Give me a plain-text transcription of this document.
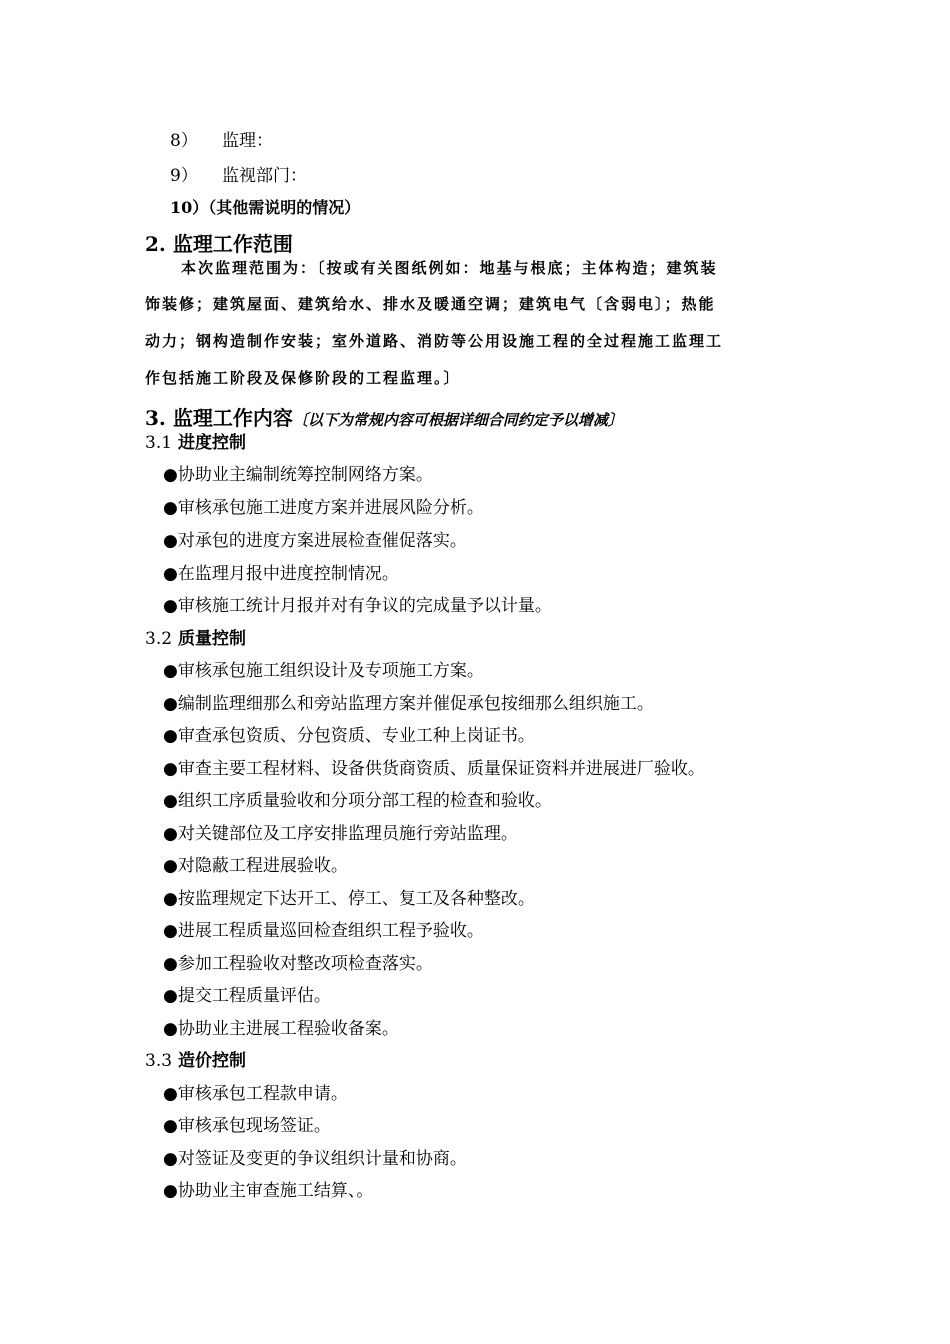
8） 监理：
9） 监视部门：
10）（其他需说明的情况）
2. 监理工作范围
本次监理范围为：〔按或有关图纸例如：地基与根底；主体构造；建筑装
饰装修；建筑屋面、建筑给水、排水及暖通空调；建筑电气〔含弱电〕；热能
动力；钢构造制作安装；室外道路、消防等公用设施工程的全过程施工监理工
作包括施工阶段及保修阶段的工程监理。〕
3. 监理工作内容〔以下为常规内容可根据详细合同约定予以增减〕
3.1 进度控制
●协助业主编制统筹控制网络方案。
●审核承包施工进度方案并进展风险分析。
●对承包的进度方案进展检查催促落实。
●在监理月报中进度控制情况。
●审核施工统计月报并对有争议的完成量予以计量。
3.2 质量控制
●审核承包施工组织设计及专项施工方案。
●编制监理细那么和旁站监理方案并催促承包按细那么组织施工。
●审查承包资质、分包资质、专业工种上岗证书。
●审查主要工程材料、设备供货商资质、质量保证资料并进展进厂验收。
●组织工序质量验收和分项分部工程的检查和验收。
●对关键部位及工序安排监理员施行旁站监理。
●对隐蔽工程进展验收。
●按监理规定下达开工、停工、复工及各种整改。
●进展工程质量巡回检查组织工程予验收。
●参加工程验收对整改项检查落实。
●提交工程质量评估。
●协助业主进展工程验收备案。
3.3 造价控制
●审核承包工程款申请。
●审核承包现场签证。
●对签证及变更的争议组织计量和协商。
●协助业主审查施工结算、。
